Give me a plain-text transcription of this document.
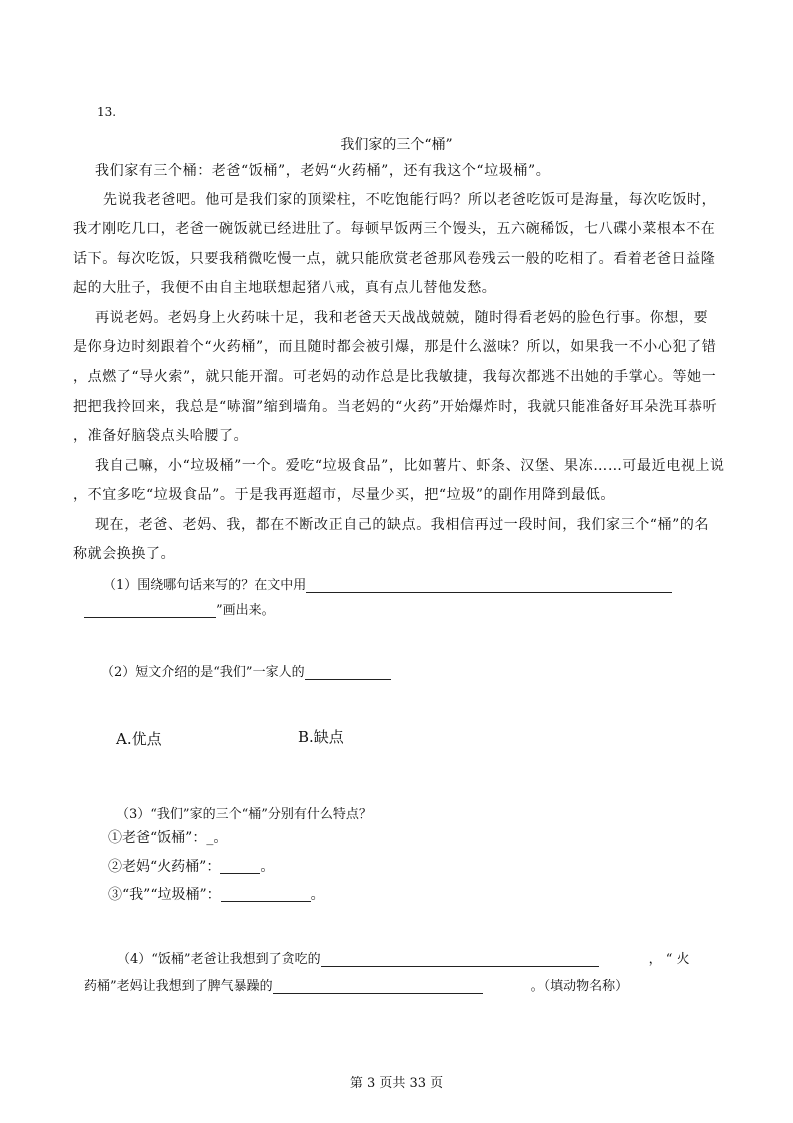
13.
我们家的三个“桶”
我们家有三个桶：老爸“饭桶”，老妈“火药桶”，还有我这个“垃圾桶”。
先说我老爸吧。他可是我们家的顶梁柱，不吃饱能行吗？所以老爸吃饭可是海量，每次吃饭时，
我才刚吃几口，老爸一碗饭就已经进肚了。每顿早饭两三个馒头，五六碗稀饭，七八碟小菜根本不在
话下。每次吃饭，只要我稍微吃慢一点，就只能欣赏老爸那风卷残云一般的吃相了。看着老爸日益隆
起的大肚子，我便不由自主地联想起猪八戒，真有点儿替他发愁。
再说老妈。老妈身上火药味十足，我和老爸天天战战兢兢，随时得看老妈的脸色行事。你想，要
是你身边时刻跟着个“火药桶”，而且随时都会被引爆，那是什么滋味？所以，如果我一不小心犯了错
，点燃了“导火索”，就只能开溜。可老妈的动作总是比我敏捷，我每次都逃不出她的手掌心。等她一
把把我拎回来，我总是“哧溜”缩到墙角。当老妈的“火药”开始爆炸时，我就只能准备好耳朵洗耳恭听
，准备好脑袋点头哈腰了。
我自己嘛，小“垃圾桶”一个。爱吃“垃圾食品”，比如薯片、虾条、汉堡、果冻……可最近电视上说
，不宜多吃“垃圾食品”。于是我再逛超市，尽量少买，把“垃圾”的副作用降到最低。
现在，老爸、老妈、我，都在不断改正自己的缺点。我相信再过一段时间，我们家三个“桶”的名
称就会换换了。
（1）围绕哪句话来写的？在文中用
”画出来。
（2）短文介绍的是“我们”一家人的
A.优点	B.缺点
（3）“我们”家的三个“桶”分别有什么特点？
①老爸“饭桶”：_。
②老妈“火药桶”：	。
③“我”“垃圾桶”：	。
（4）“饭桶”老爸让我想到了贪吃的	， “ 火
药桶”老妈让我想到了脾气暴躁的	。（填动物名称）
第 3 页共 33 页
